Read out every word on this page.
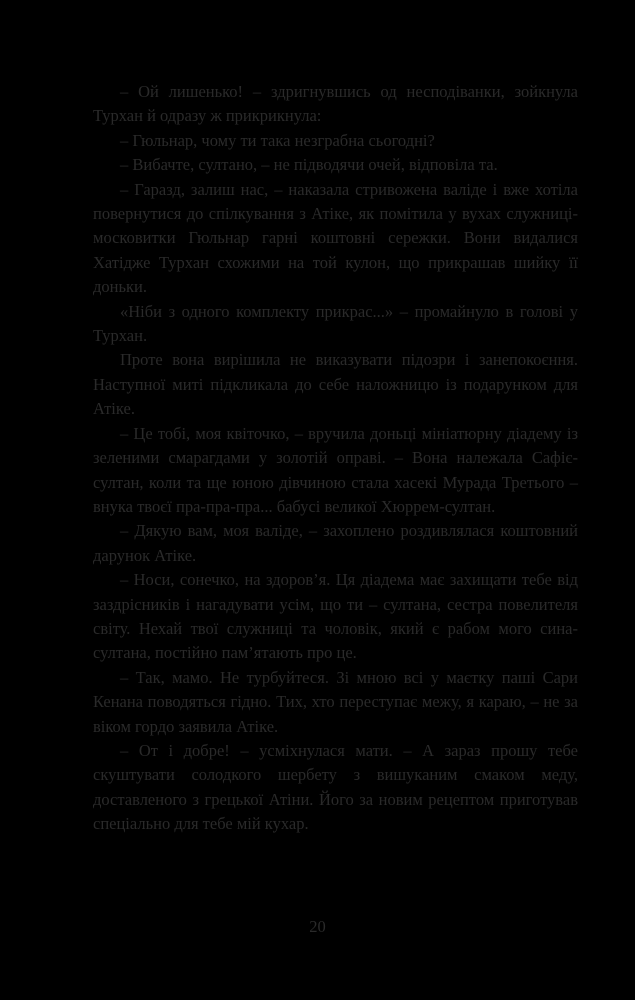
– Ой лишенько! – здригнувшись од несподіванки, зойкнула Турхан й одразу ж прикрикнула:

– Гюльнар, чому ти така незграбна сьогодні?

– Вибачте, султано, – не підводячи очей, відповіла та.

– Гаразд, залиш нас, – наказала стривожена валіде і вже хотіла повернутися до спілкування з Атіке, як помітила у вухах служниці-московитки Гюльнар гарні коштовні сережки. Вони видалися Хатідже Турхан схожими на той кулон, що прикрашав шийку її доньки.

«Ніби з одного комплекту прикрас...» – промайнуло в голові у Турхан.

Проте вона вирішила не виказувати підозри і занепокоєння. Наступної миті підкликала до себе наложницю із подарунком для Атіке.

– Це тобі, моя квіточко, – вручила доньці мініатюрну діадему із зеленими смарагдами у золотій оправі. – Вона належала Сафіє-султан, коли та ще юною дівчиною стала хасекі Мурада Третього – внука твоєї пра-пра-пра... бабусі великої Хюррем-султан.

– Дякую вам, моя валіде, – захоплено роздивлялася коштовний дарунок Атіке.

– Носи, сонечко, на здоров’я. Ця діадема має захищати тебе від заздрісників і нагадувати усім, що ти – султана, сестра повелителя світу. Нехай твої служниці та чоловік, який є рабом мого сина-султана, постійно пам’ятають про це.

– Так, мамо. Не турбуйтеся. Зі мною всі у маєтку паші Сари Кенана поводяться гідно. Тих, хто переступає межу, я караю, – не за віком гордо заявила Атіке.

– От і добре! – усміхнулася мати. – А зараз прошу тебе скуштувати солодкого шербету з вишуканим смаком меду, доставленого з грецької Атіни. Його за новим рецептом приготував спеціально для тебе мій кухар.

20
